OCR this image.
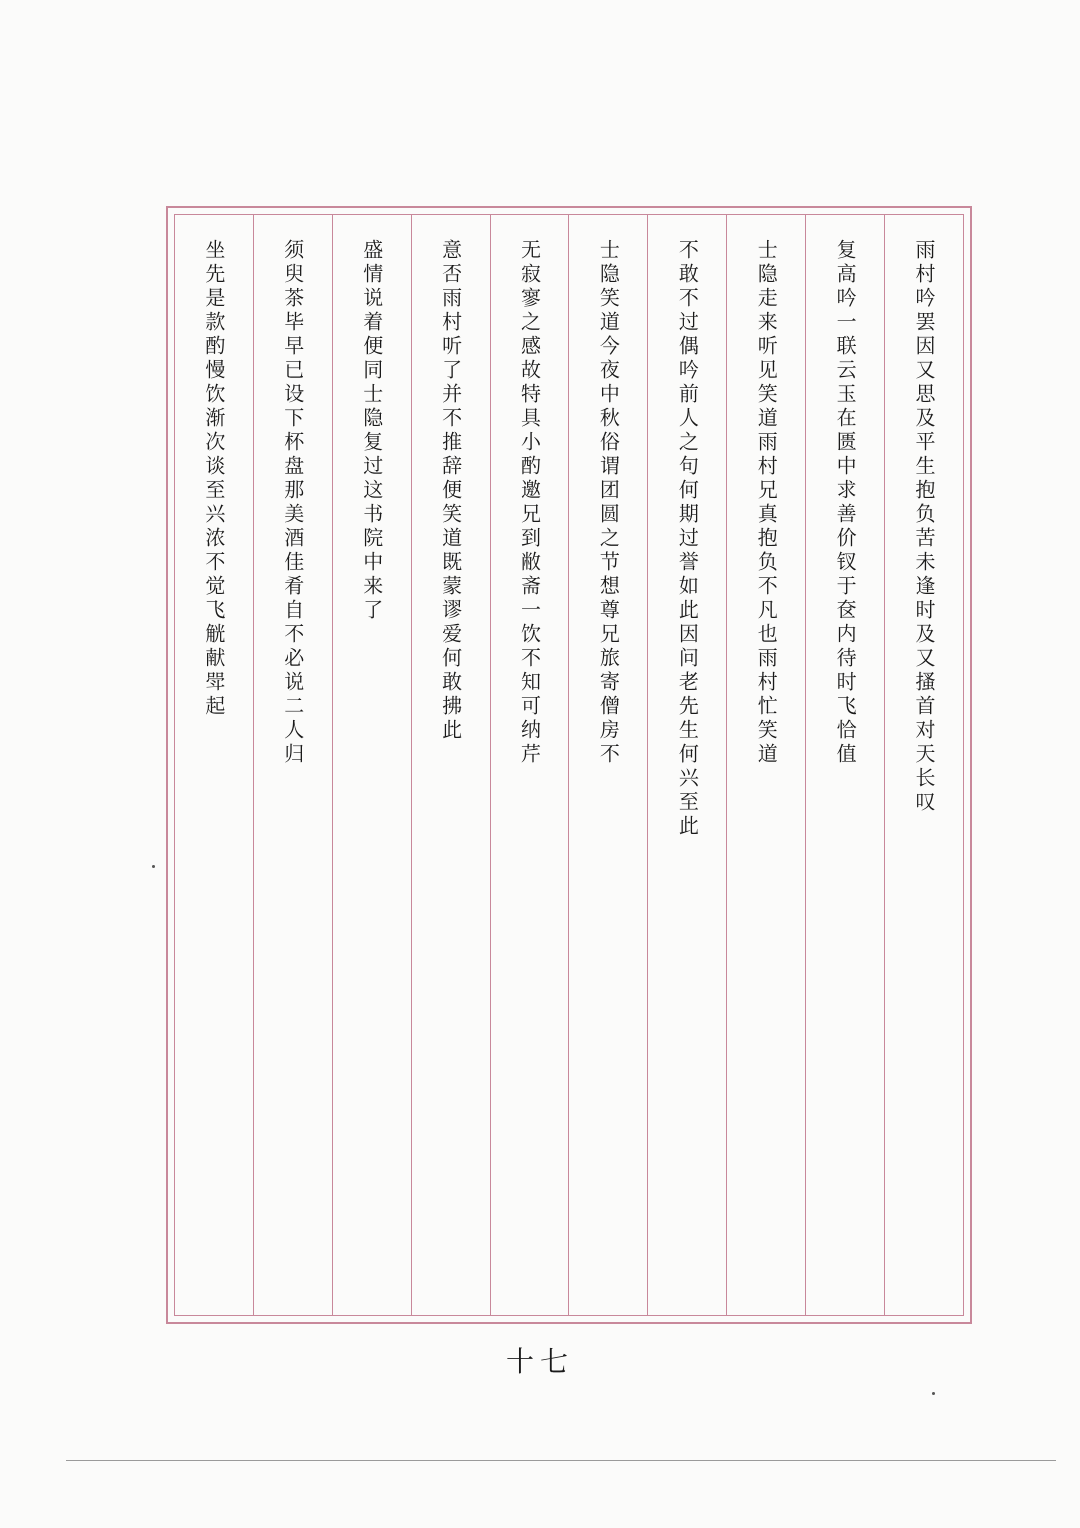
雨村吟罢因又思及平生抱负苦未逢时及又搔首对天长叹
复高吟一联云玉在匮中求善价钗于奁内待时飞恰值
士隐走来听见笑道雨村兄真抱负不凡也雨村忙笑道
不敢不过偶吟前人之句何期过誉如此因问老先生何兴至此
士隐笑道今夜中秋俗谓团圆之节想尊兄旅寄僧房不
无寂寥之感故特具小酌邀兄到敝斋一饮不知可纳芹
意否雨村听了并不推辞便笑道既蒙谬爱何敢拂此
盛情说着便同士隐复过这书院中来了
须臾茶毕早已设下杯盘那美酒佳肴自不必说二人归
坐先是款酌慢饮渐次谈至兴浓不觉飞觥献斝起
十七
